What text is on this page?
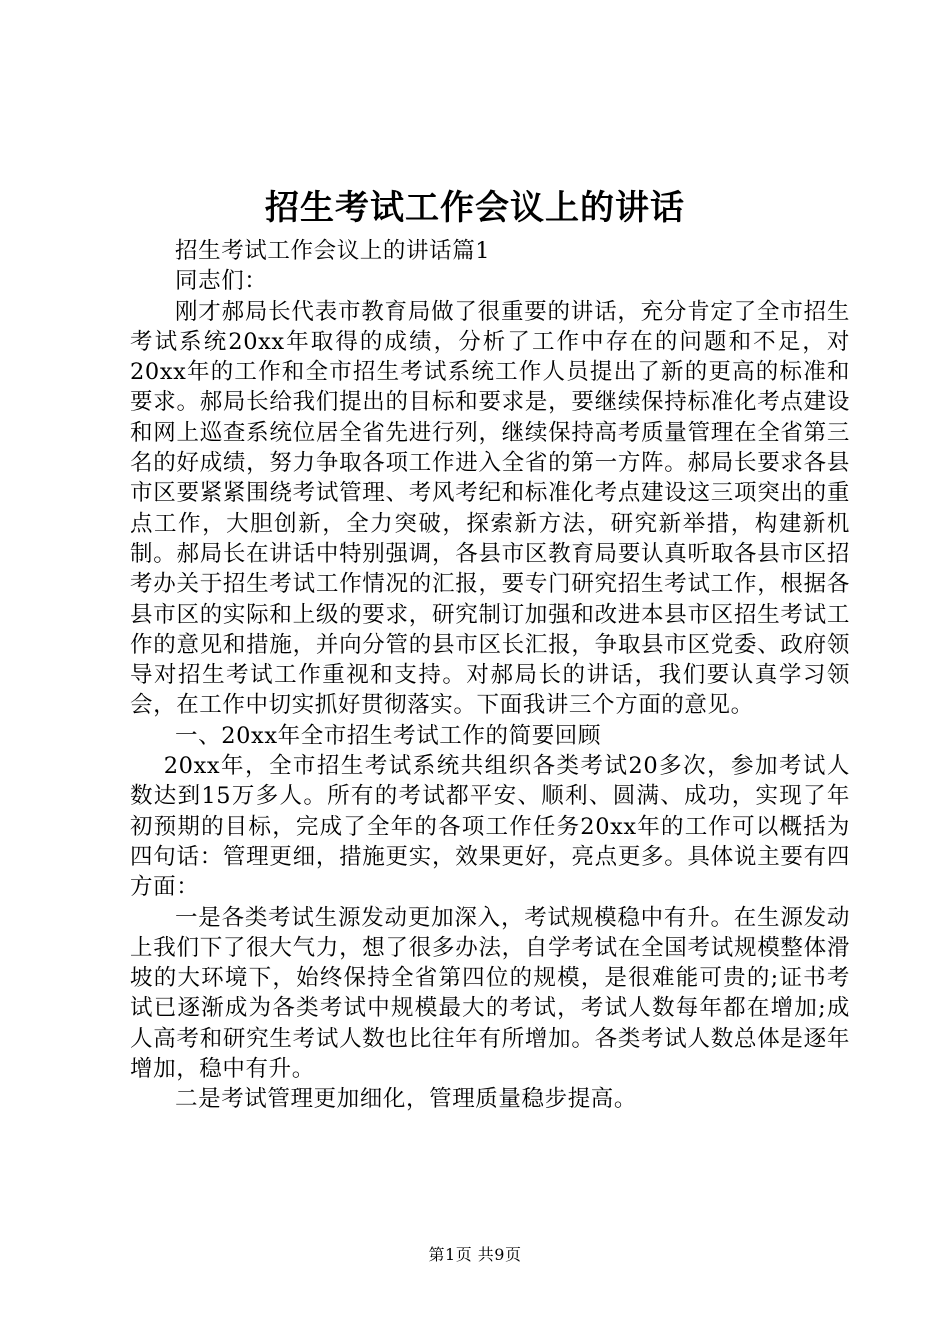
招生考试工作会议上的讲话

招生考试工作会议上的讲话篇1

同志们：

刚才郝局长代表市教育局做了很重要的讲话，充分肯定了全市招生考试系统20xx年取得的成绩，分析了工作中存在的问题和不足，对20xx年的工作和全市招生考试系统工作人员提出了新的更高的标准和要求。郝局长给我们提出的目标和要求是，要继续保持标准化考点建设和网上巡查系统位居全省先进行列，继续保持高考质量管理在全省第三名的好成绩，努力争取各项工作进入全省的第一方阵。郝局长要求各县市区要紧紧围绕考试管理、考风考纪和标准化考点建设这三项突出的重点工作，大胆创新，全力突破，探索新方法，研究新举措，构建新机制。郝局长在讲话中特别强调，各县市区教育局要认真听取各县市区招考办关于招生考试工作情况的汇报，要专门研究招生考试工作，根据各县市区的实际和上级的要求，研究制订加强和改进本县市区招生考试工作的意见和措施，并向分管的县市区长汇报，争取县市区党委、政府领导对招生考试工作重视和支持。对郝局长的讲话，我们要认真学习领会，在工作中切实抓好贯彻落实。下面我讲三个方面的意见。

一、20xx年全市招生考试工作的简要回顾

20xx年，全市招生考试系统共组织各类考试20多次，参加考试人数达到15万多人。所有的考试都平安、顺利、圆满、成功，实现了年初预期的目标，完成了全年的各项工作任务20xx年的工作可以概括为四句话：管理更细，措施更实，效果更好，亮点更多。具体说主要有四方面：

一是各类考试生源发动更加深入，考试规模稳中有升。在生源发动上我们下了很大气力，想了很多办法，自学考试在全国考试规模整体滑坡的大环境下，始终保持全省第四位的规模，是很难能可贵的;证书考试已逐渐成为各类考试中规模最大的考试，考试人数每年都在增加;成人高考和研究生考试人数也比往年有所增加。各类考试人数总体是逐年增加，稳中有升。

二是考试管理更加细化，管理质量稳步提高。

第1页 共9页
